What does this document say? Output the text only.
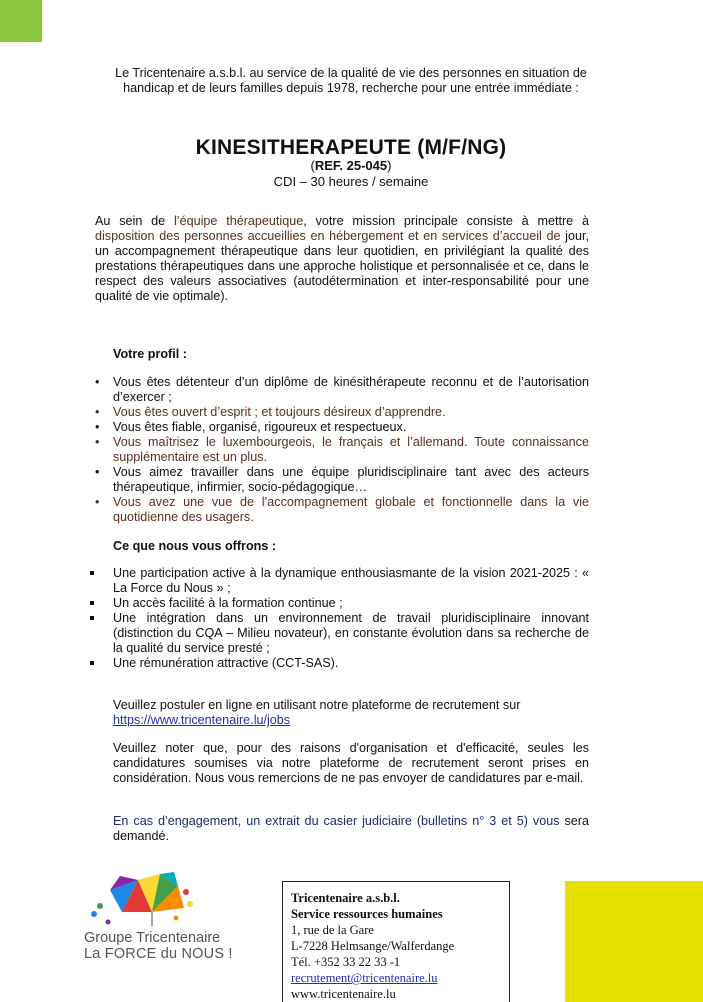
Le Tricentenaire a.s.b.l. au service de la qualité de vie des personnes en situation de handicap et de leurs familles depuis 1978, recherche pour une entrée immédiate :
KINESITHERAPEUTE (M/F/NG)
(REF. 25-045)
CDI – 30 heures / semaine
Au sein de l’équipe thérapeutique, votre mission principale consiste à mettre à disposition des personnes accueillies en hébergement et en services d’accueil de jour, un accompagnement thérapeutique dans leur quotidien, en privilégiant la qualité des prestations thérapeutiques dans une approche holistique et personnalisée et ce, dans le respect des valeurs associatives (autodétermination et inter-responsabilité pour une qualité de vie optimale).
Votre profil :
• Vous êtes détenteur d’un diplôme de kinésithérapeute reconnu et de l’autorisation d’exercer ;
• Vous êtes ouvert d’esprit ; et toujours désireux d’apprendre.
• Vous êtes fiable, organisé, rigoureux et respectueux.
• Vous maîtrisez le luxembourgeois, le français et l’allemand. Toute connaissance supplémentaire est un plus.
• Vous aimez travailler dans une équipe pluridisciplinaire tant avec des acteurs thérapeutique, infirmier, socio-pédagogique…
• Vous avez une vue de l’accompagnement globale et fonctionnelle dans la vie quotidienne des usagers.
Ce que nous vous offrons :
Une participation active à la dynamique enthousiasmante de la vision 2021-2025 : « La Force du Nous » ;
Un accès facilité à la formation continue ;
Une intégration dans un environnement de travail pluridisciplinaire innovant (distinction du CQA – Milieu novateur), en constante évolution dans sa recherche de la qualité du service presté ;
Une rémunération attractive (CCT-SAS).
Veuillez postuler en ligne en utilisant notre plateforme de recrutement sur
https://www.tricentenaire.lu/jobs
Veuillez noter que, pour des raisons d'organisation et d'efficacité, seules les candidatures soumises via notre plateforme de recrutement seront prises en considération. Nous vous remercions de ne pas envoyer de candidatures par e-mail.
En cas d’engagement, un extrait du casier judiciaire (bulletins n° 3 et 5) vous sera demandé.
Groupe Tricentenaire
La FORCE du NOUS !
Tricentenaire a.s.b.l.
Service ressources humaines
1, rue de la Gare
L-7228 Helmsange/Walferdange
Tél. +352 33 22 33 -1
recrutement@tricentenaire.lu
www.tricentenaire.lu
